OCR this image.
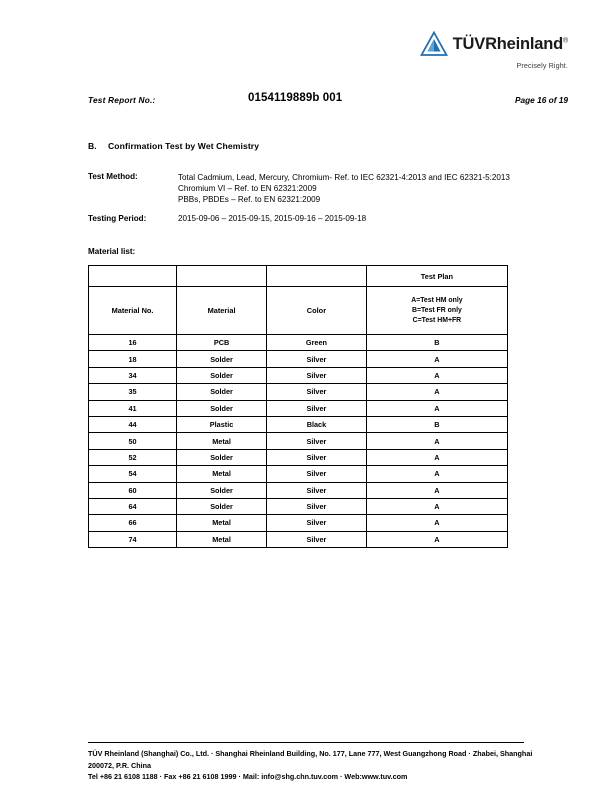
TÜVRheinland®
Precisely Right.
Test Report No.:	0154119889b 001	Page 16 of 19
B. Confirmation Test by Wet Chemistry
Test Method:	Total Cadmium, Lead, Mercury, Chromium- Ref. to IEC 62321-4:2013 and IEC 62321-5:2013
Chromium VI – Ref. to EN 62321:2009
PBBs, PBDEs – Ref. to EN 62321:2009
Testing Period:	2015-09-06 – 2015-09-15, 2015-09-16 – 2015-09-18
Material list:
			Test Plan
Material No.	Material	Color	A=Test HM only
B=Test FR only
C=Test HM+FR

16	PCB	Green	B
18	Solder	Silver	A
34	Solder	Silver	A
35	Solder	Silver	A
41	Solder	Silver	A
44	Plastic	Black	B
50	Metal	Silver	A
52	Solder	Silver	A
54	Metal	Silver	A
60	Solder	Silver	A
64	Solder	Silver	A
66	Metal	Silver	A
74	Metal	Silver	A
TÜV Rheinland (Shanghai) Co., Ltd. · Shanghai Rheinland Building, No. 177, Lane 777, West Guangzhong Road · Zhabei, Shanghai
200072, P.R. China
Tel +86 21 6108 1188 · Fax +86 21 6108 1999 · Mail: info@shg.chn.tuv.com · Web:www.tuv.com
